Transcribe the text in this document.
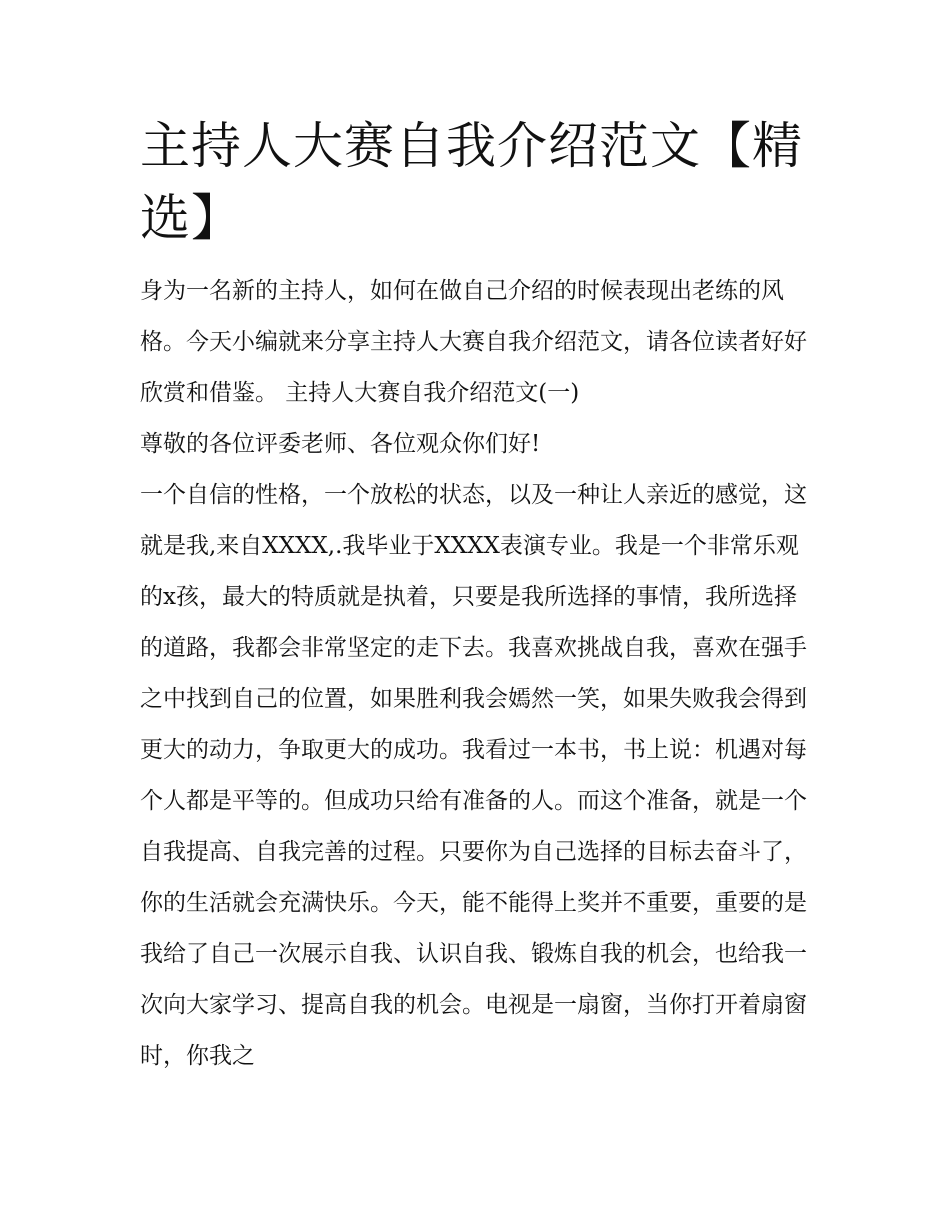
主持人大赛自我介绍范文【精选】

身为一名新的主持人，如何在做自己介绍的时候表现出老练的风格。今天小编就来分享主持人大赛自我介绍范文，请各位读者好好欣赏和借鉴。 主持人大赛自我介绍范文(一)

尊敬的各位评委老师、各位观众你们好!

一个自信的性格，一个放松的状态，以及一种让人亲近的感觉，这就是我,来自XXXX,.我毕业于XXXX表演专业。我是一个非常乐观的x孩，最大的特质就是执着，只要是我所选择的事情，我所选择的道路，我都会非常坚定的走下去。我喜欢挑战自我，喜欢在强手之中找到自己的位置，如果胜利我会嫣然一笑，如果失败我会得到更大的动力，争取更大的成功。我看过一本书，书上说：机遇对每个人都是平等的。但成功只给有准备的人。而这个准备，就是一个自我提高、自我完善的过程。只要你为自己选择的目标去奋斗了，你的生活就会充满快乐。今天，能不能得上奖并不重要，重要的是我给了自己一次展示自我、认识自我、锻炼自我的机会，也给我一次向大家学习、提高自我的机会。电视是一扇窗，当你打开着扇窗时，你我之
